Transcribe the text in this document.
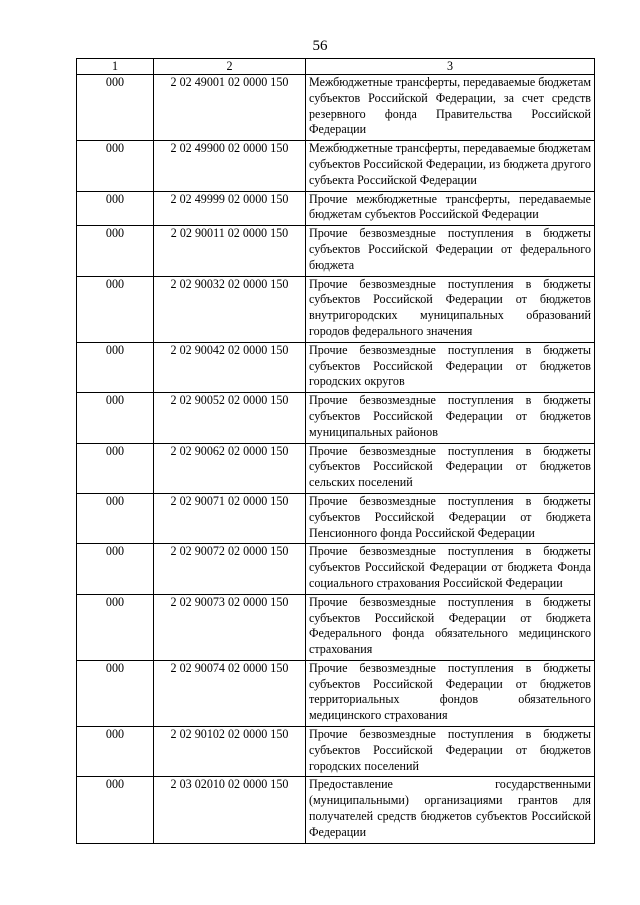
56
1	2	3
000	2 02 49001 02 0000 150	Межбюджетные трансферты, передаваемые бюджетам субъектов Российской Федерации, за счет средств резервного фонда Правительства Российской Федерации
000	2 02 49900 02 0000 150	Межбюджетные трансферты, передаваемые бюджетам субъектов Российской Федерации, из бюджета другого субъекта Российской Федерации
000	2 02 49999 02 0000 150	Прочие межбюджетные трансферты, передаваемые бюджетам субъектов Российской Федерации
000	2 02 90011 02 0000 150	Прочие безвозмездные поступления в бюджеты субъектов Российской Федерации от федерального бюджета
000	2 02 90032 02 0000 150	Прочие безвозмездные поступления в бюджеты субъектов Российской Федерации от бюджетов внутригородских муниципальных образований городов федерального значения
000	2 02 90042 02 0000 150	Прочие безвозмездные поступления в бюджеты субъектов Российской Федерации от бюджетов городских округов
000	2 02 90052 02 0000 150	Прочие безвозмездные поступления в бюджеты субъектов Российской Федерации от бюджетов муниципальных районов
000	2 02 90062 02 0000 150	Прочие безвозмездные поступления в бюджеты субъектов Российской Федерации от бюджетов сельских поселений
000	2 02 90071 02 0000 150	Прочие безвозмездные поступления в бюджеты субъектов Российской Федерации от бюджета Пенсионного фонда Российской Федерации
000	2 02 90072 02 0000 150	Прочие безвозмездные поступления в бюджеты субъектов Российской Федерации от бюджета Фонда социального страхования Российской Федерации
000	2 02 90073 02 0000 150	Прочие безвозмездные поступления в бюджеты субъектов Российской Федерации от бюджета Федерального фонда обязательного медицинского страхования
000	2 02 90074 02 0000 150	Прочие безвозмездные поступления в бюджеты субъектов Российской Федерации от бюджетов территориальных фондов обязательного медицинского страхования
000	2 02 90102 02 0000 150	Прочие безвозмездные поступления в бюджеты субъектов Российской Федерации от бюджетов городских поселений
000	2 03 02010 02 0000 150	Предоставление государственными (муниципальными) организациями грантов для получателей средств бюджетов субъектов Российской Федерации
